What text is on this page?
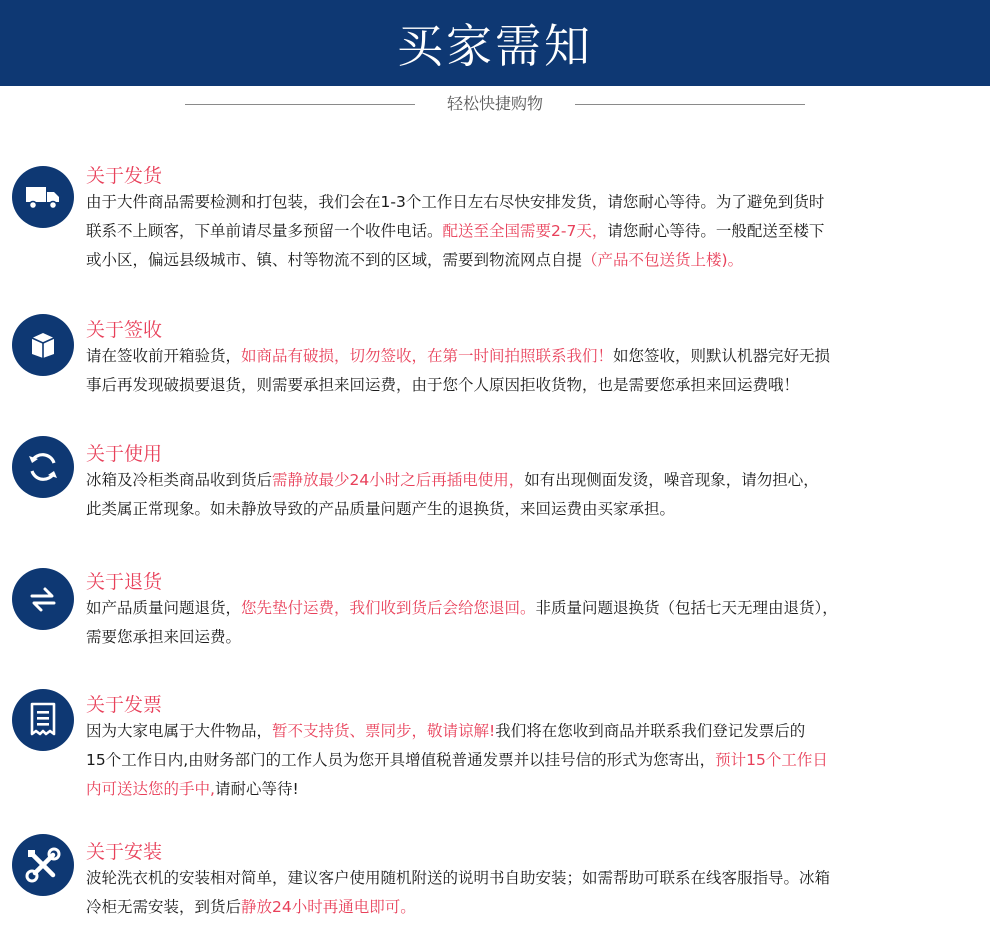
买家需知
轻松快捷购物
关于发货
由于大件商品需要检测和打包装，我们会在1-3个工作日左右尽快安排发货，请您耐心等待。为了避免到货时
联系不上顾客，下单前请尽量多预留一个收件电话。配送至全国需要2-7天，请您耐心等待。一般配送至楼下
或小区，偏远县级城市、镇、村等物流不到的区域，需要到物流网点自提（产品不包送货上楼)。
关于签收
请在签收前开箱验货，如商品有破损，切勿签收，在第一时间拍照联系我们！如您签收，则默认机器完好无损
事后再发现破损要退货，则需要承担来回运费，由于您个人原因拒收货物，也是需要您承担来回运费哦！
关于使用
冰箱及冷柜类商品收到货后需静放最少24小时之后再插电使用，如有出现侧面发烫，噪音现象，请勿担心，
此类属正常现象。如未静放导致的产品质量问题产生的退换货，来回运费由买家承担。
关于退货
如产品质量问题退货，您先垫付运费，我们收到货后会给您退回。非质量问题退换货（包括七天无理由退货），
需要您承担来回运费。
关于发票
因为大家电属于大件物品，暂不支持货、票同步，敬请谅解!我们将在您收到商品并联系我们登记发票后的
15个工作日内,由财务部门的工作人员为您开具增值税普通发票并以挂号信的形式为您寄出，预计15个工作日
内可送达您的手中,请耐心等待!
关于安装
波轮洗衣机的安装相对简单，建议客户使用随机附送的说明书自助安装；如需帮助可联系在线客服指导。冰箱
冷柜无需安装，到货后静放24小时再通电即可。
